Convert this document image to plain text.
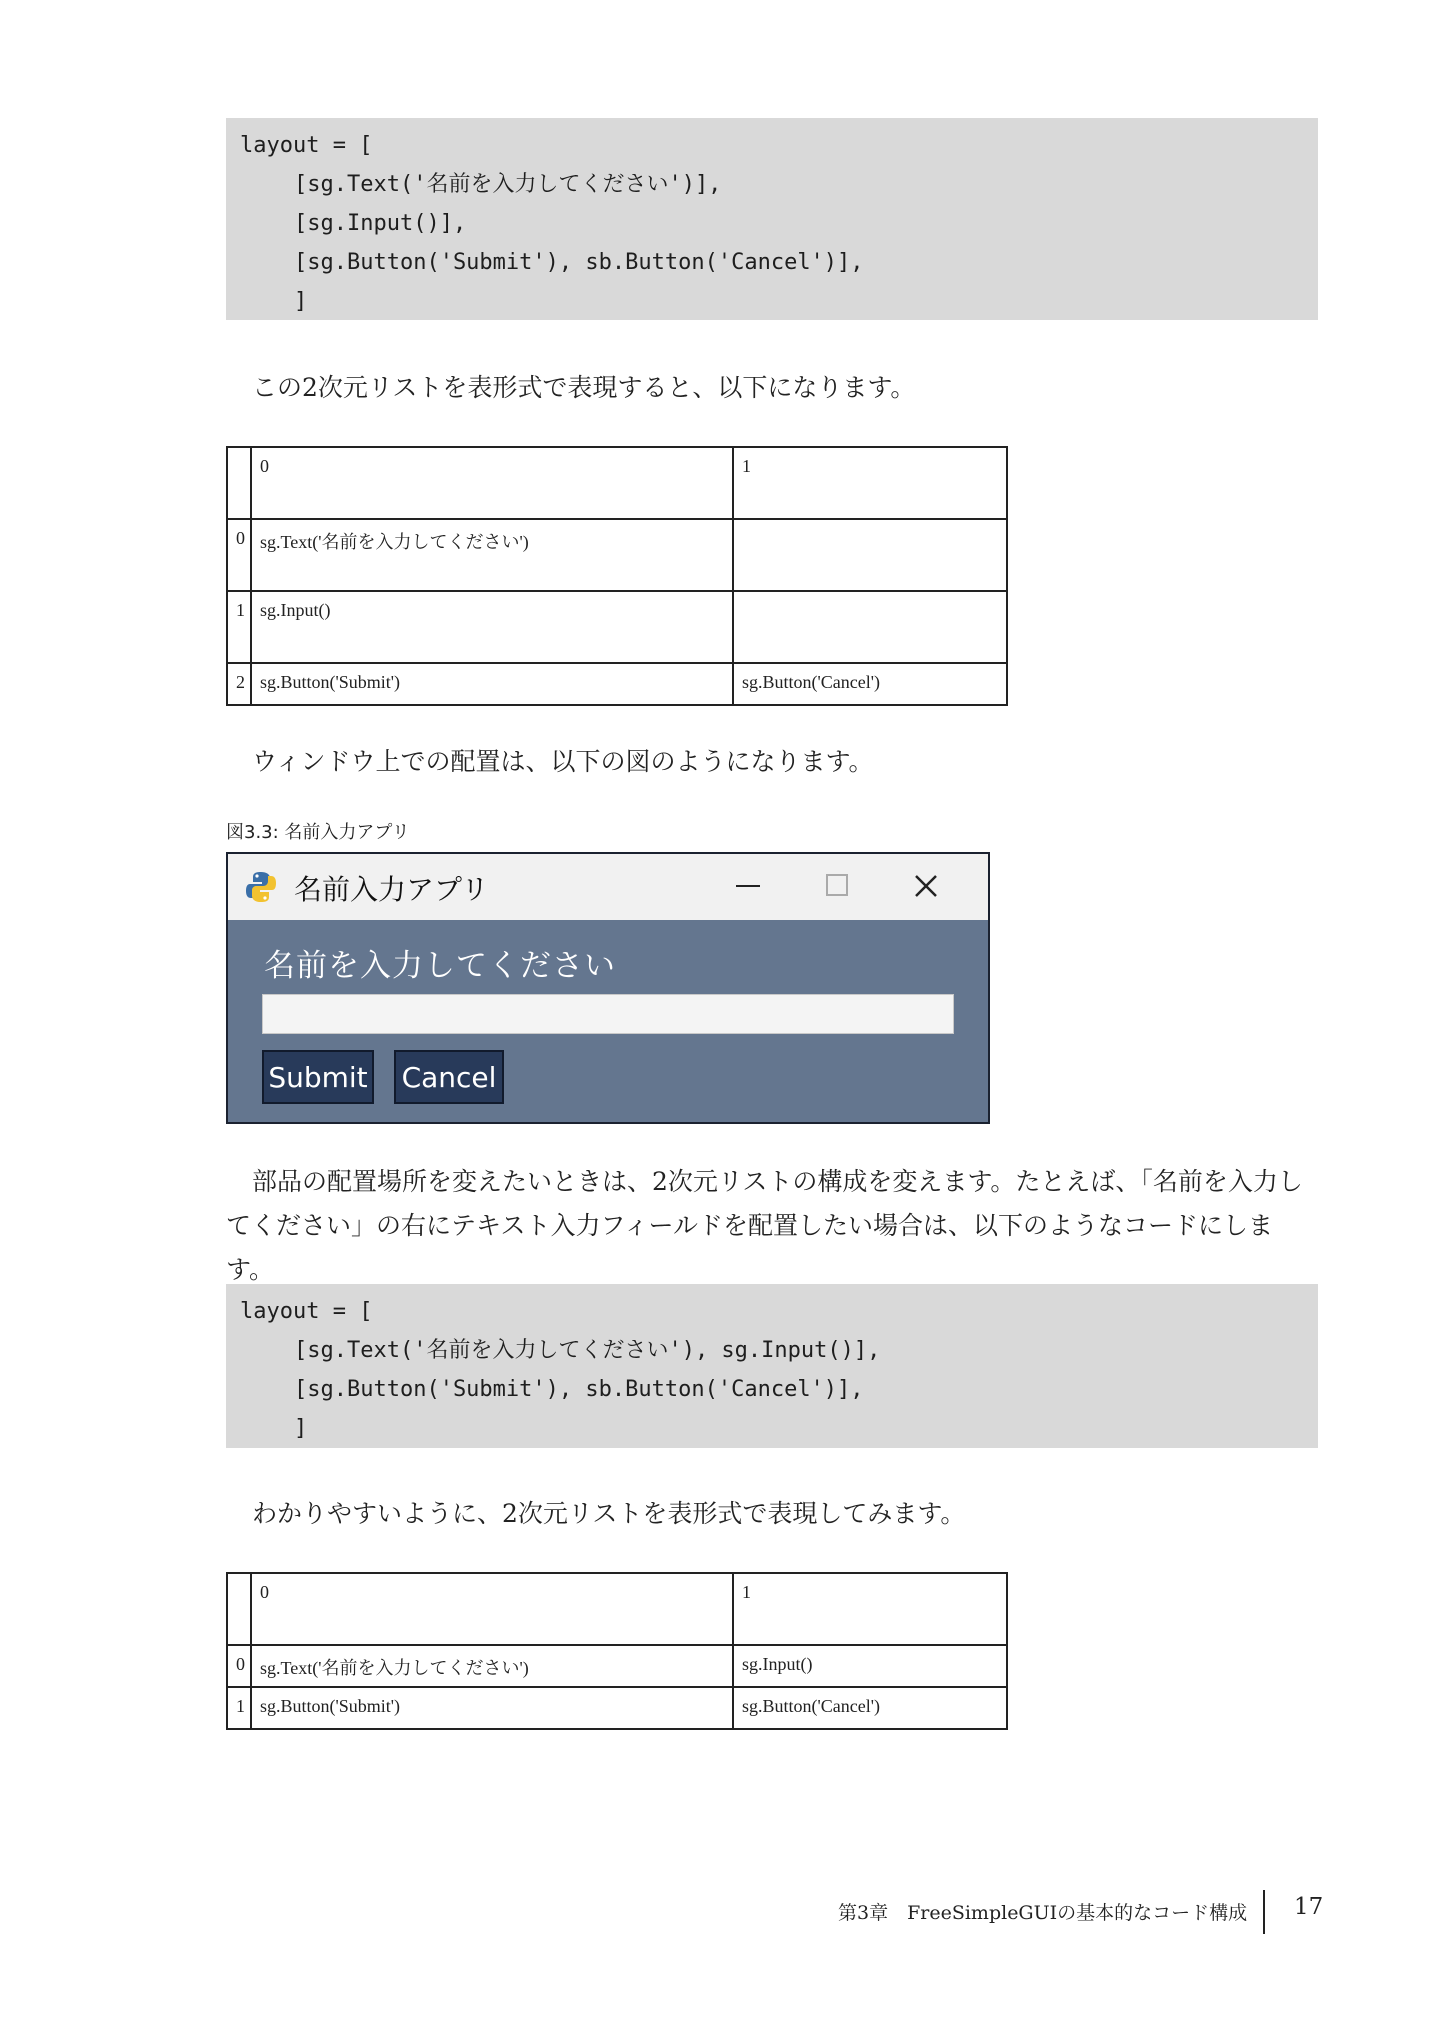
layout = [
[sg.Text('名前を入力してください')],
[sg.Input()],
[sg.Button('Submit'), sb.Button('Cancel')],
]
この2次元リストを表形式で表現すると、以下になります。
	0	1
0	sg.Text('名前を入力してください')	
1	sg.Input()	
2	sg.Button('Submit')	sg.Button('Cancel')
ウィンドウ上での配置は、以下の図のようになります。
図3.3: 名前入力アプリ
名前入力アプリ
名前を入力してください
Submit Cancel
部品の配置場所を変えたいときは、2次元リストの構成を変えます。たとえば、「名前を入力してください」の右にテキスト入力フィールドを配置したい場合は、以下のようなコードにします。
layout = [
[sg.Text('名前を入力してください'), sg.Input()],
[sg.Button('Submit'), sb.Button('Cancel')],
]
わかりやすいように、2次元リストを表形式で表現してみます。
	0	1
0	sg.Text('名前を入力してください')	sg.Input()
1	sg.Button('Submit')	sg.Button('Cancel')
第3章　FreeSimpleGUIの基本的なコード構成 17
